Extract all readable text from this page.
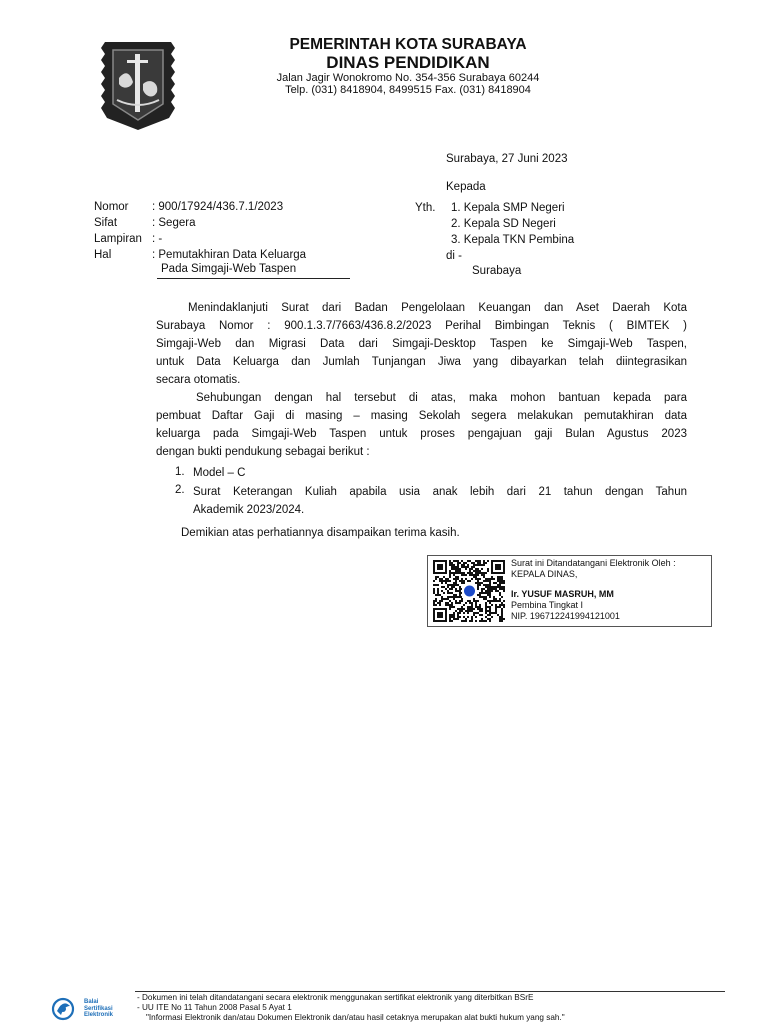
PEMERINTAH KOTA SURABAYA
DINAS PENDIDIKAN
Jalan Jagir Wonokromo No. 354-356 Surabaya 60244
Telp. (031) 8418904, 8499515 Fax. (031) 8418904
Surabaya, 27 Juni 2023
Kepada
Yth. 1. Kepala SMP Negeri
2. Kepala SD Negeri
3. Kepala TKN Pembina
di -
Surabaya
Nomor : 900/17924/436.7.1/2023
Sifat	: Segera
Lampiran : -
Hal	: Pemutakhiran Data Keluarga
Pada Simgaji-Web Taspen
Menindaklanjuti Surat dari Badan Pengelolaan Keuangan dan Aset Daerah Kota
Surabaya Nomor : 900.1.3.7/7663/436.8.2/2023 Perihal Bimbingan Teknis ( BIMTEK )
Simgaji-Web dan Migrasi Data dari Simgaji-Desktop Taspen ke Simgaji-Web Taspen,
untuk Data Keluarga dan Jumlah Tunjangan Jiwa yang dibayarkan telah diintegrasikan
secara otomatis.
Sehubungan dengan hal tersebut di atas, maka mohon bantuan kepada para
pembuat Daftar Gaji di masing – masing Sekolah segera melakukan pemutakhiran data
keluarga pada Simgaji-Web Taspen untuk proses pengajuan gaji Bulan Agustus 2023
dengan bukti pendukung sebagai berikut :
1. Model – C
2. Surat Keterangan Kuliah apabila usia anak lebih dari 21 tahun dengan Tahun
Akademik 2023/2024.
Demikian atas perhatiannya disampaikan terima kasih.
Surat ini Ditandatangani Elektronik Oleh :
KEPALA DINAS,
Ir. YUSUF MASRUH, MM
Pembina Tingkat I
NIP. 196712241994121001
Balai
Sertifikasi
Elektronik
- Dokumen ini telah ditandatangani secara elektronik menggunakan sertifikat elektronik yang diterbitkan BSrE
- UU ITE No 11 Tahun 2008 Pasal 5 Ayat 1
"Informasi Elektronik dan/atau Dokumen Elektronik dan/atau hasil cetaknya merupakan alat bukti hukum yang sah."
